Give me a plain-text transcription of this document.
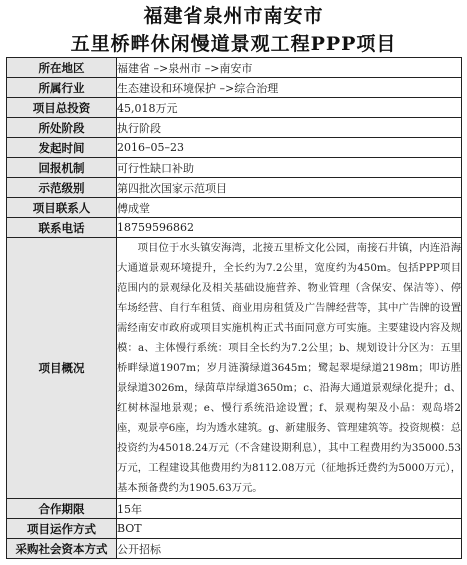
福建省泉州市南安市
五里桥畔休闲慢道景观工程PPP项目
所在地区	福建省 –>泉州市 –>南安市
所属行业	生态建设和环境保护 –>综合治理
项目总投资	45,018万元
所处阶段	执行阶段
发起时间	2016–05–23
回报机制	可行性缺口补助
示范级别	第四批次国家示范项目
项目联系人	傅成堂
联系电话	18759596862
项目概况	项目位于水头镇安海湾，北接五里桥文化公园，南接石井镇，内连沿海大通道景观环境提升，全长约为7.2公里，宽度约为450m。包括PPP项目范围内的景观绿化及相关基础设施营养、物业管理（含保安、保洁等）、停车场经营、自行车租赁、商业用房租赁及广告牌经营等，其中广告牌的设置需经南安市政府或项目实施机构正式书面同意方可实施。主要建设内容及规模：a、主体慢行系统：项目全长约为7.2公里；b、规划设计分区为：五里桥畔绿道1907m；岁月涟漪绿道3645m；鹭起翠堤绿道2198m；叩访胜景绿道3026m，绿茵草岸绿道3650m；c、沿海大通道景观绿化提升；d、红树林湿地景观；e、慢行系统沿途设置；f、景观构架及小品：观岛塔2座，观景亭6座，均为透水建筑。g、新建服务、管理建筑等。投资规模：总投资约为45018.24万元（不含建设期利息），其中工程费用约为35000.53万元，工程建设其他费用约为8112.08万元（征地拆迁费约为5000万元），基本预备费约为1905.63万元。
合作期限	15年
项目运作方式	BOT
采购社会资本方式	公开招标
